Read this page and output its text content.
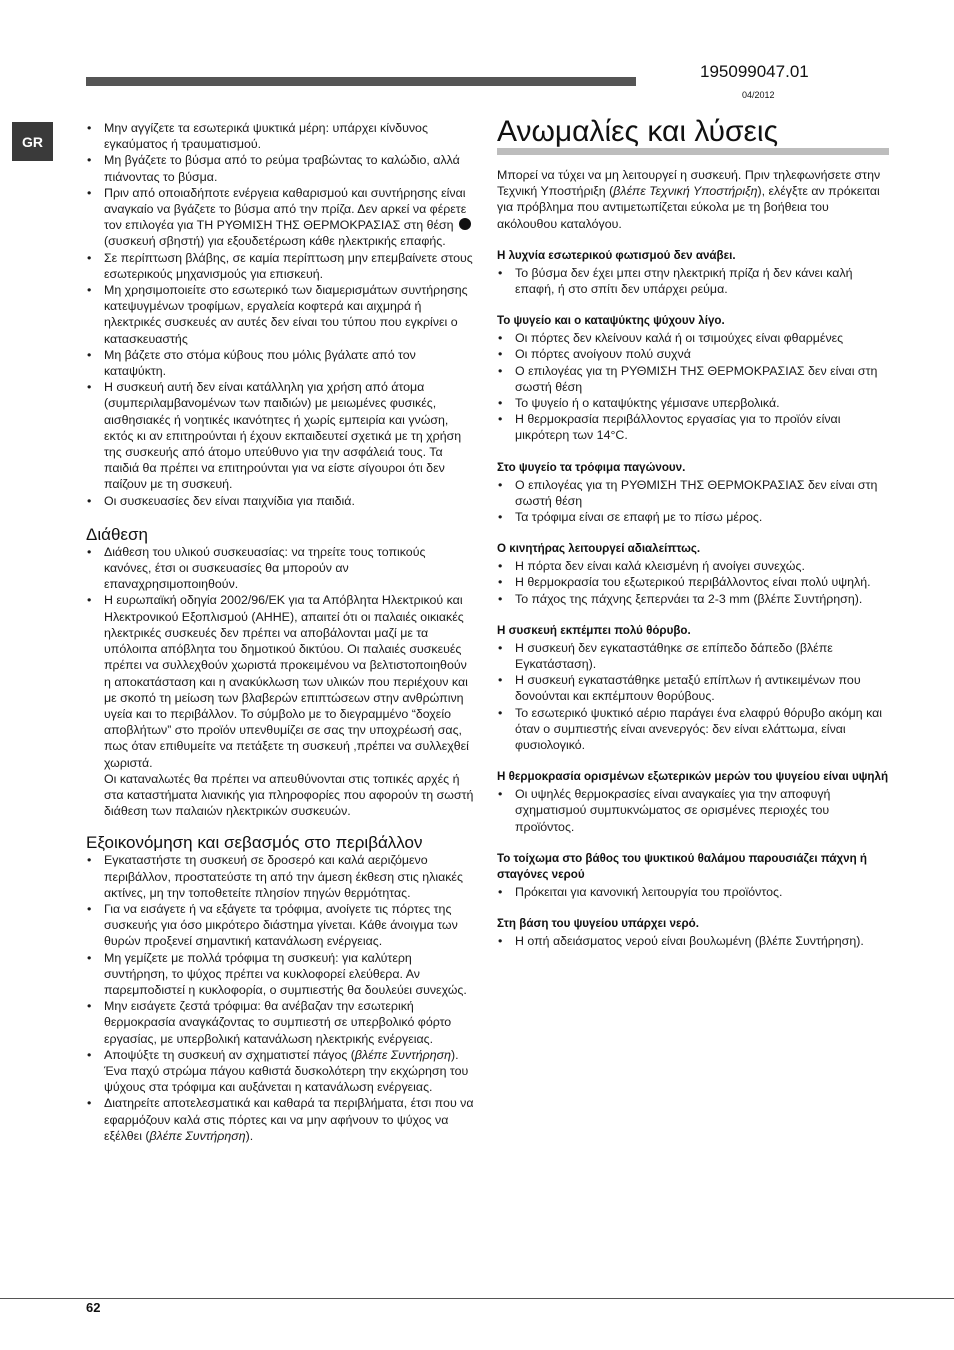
195099047.01
04/2012
GR
• Μην αγγίζετε τα εσωτερικά ψυκτικά μέρη: υπάρχει κίνδυνος εγκαύματος ή τραυματισμού.
• Μη βγάζετε το βύσμα από το ρεύμα τραβώντας το καλώδιο, αλλά πιάνοντας το βύσμα.
• Πριν από οποιαδήποτε ενέργεια καθαρισμού και συντήρησης είναι αναγκαίο να βγάζετε το βύσμα από την πρίζα. Δεν αρκεί να φέρετε τον επιλογέα για ΤΗ ΡΥΘΜΙΣΗ ΤΗΣ ΘΕΡΜΟΚΡΑΣΙΑΣ στη θέση  (συσκευή σβηστή) για εξουδετέρωση κάθε ηλεκτρικής επαφής.
• Σε περίπτωση βλάβης, σε καμία περίπτωση μην επεμβαίνετε στους εσωτερικούς μηχανισμούς για επισκευή.
• Μη χρησιμοποιείτε στο εσωτερικό των διαμερισμάτων συντήρησης κατεψυγμένων τροφίμων, εργαλεία κοφτερά και αιχμηρά ή ηλεκτρικές συσκευές αν αυτές δεν είναι του τύπου που εγκρίνει ο κατασκευαστής
• Μη βάζετε στο στόμα κύβους που μόλις βγάλατε από τον καταψύκτη.
• Η συσκευή αυτή δεν είναι κατάλληλη για χρήση από άτομα (συμπεριλαμβανομένων των παιδιών) με μειωμένες φυσικές, αισθησιακές ή νοητικές ικανότητες ή χωρίς εμπειρία και γνώση, εκτός κι αν επιτηρούνται ή έχουν εκπαιδευτεί σχετικά με τη χρήση της συσκευής από άτομο υπεύθυνο για την ασφάλειά τους. Τα παιδιά θα πρέπει να επιτηρούνται για να είστε σίγουροι ότι δεν παίζουν με τη συσκευή.
• Οι συσκευασίες δεν είναι παιχνίδια για παιδιά.
Διάθεση
• Διάθεση του υλικού συσκευασίας: να τηρείτε τους τοπικούς κανόνες, έτσι οι συσκευασίες θα μπορούν αν επαναχρησιμοποιηθούν.
• Η ευρωπαϊκή οδηγία 2002/96/ΕΚ για τα Απόβλητα Ηλεκτρικού και Ηλεκτρονικού Εξοπλισμού (ΑΗΗΕ), απαιτεί ότι οι παλαιές οικιακές ηλεκτρικές συσκευές δεν πρέπει να αποβάλονται μαζί με τα υπόλοιπα απόβλητα του δημοτικού δικτύου. Οι παλαιές συσκευές πρέπει να συλλεχθούν χωριστά προκειμένου να βελτιστοποιηθούν η αποκατάσταση και η ανακύκλωση των υλικών που περιέχουν και με σκοπό τη μείωση των βλαβερών επιπτώσεων στην ανθρώπινη υγεία και το περιβάλλον. Το σύμβολο με το διεγραμμένο “δοχείο αποβλήτων” στο προϊόν υπενθυμίζει σε σας την υποχρέωσή σας, πως όταν επιθυμείτε να πετάξετε τη συσκευή ,πρέπει να συλλεχθεί χωριστά.

Οι καταναλωτές θα πρέπει να απευθύνονται στις τοπικές αρχές ή στα καταστήματα λιανικής για πληροφορίες που αφορούν τη σωστή διάθεση των παλαιών ηλεκτρικών συσκευών.

Εξοικονόμηση και σεβασμός στο περιβάλλον
• Εγκαταστήστε τη συσκευή σε δροσερό και καλά αεριζόμενο περιβάλλον, προστατεύστε τη από την άμεση έκθεση στις ηλιακές ακτίνες, μη την τοποθετείτε πλησίον πηγών θερμότητας.
• Για να εισάγετε ή να εξάγετε τα τρόφιμα, ανοίγετε τις πόρτες της συσκευής για όσο μικρότερο διάστημα γίνεται. Κάθε άνοιγμα των θυρών προξενεί σημαντική κατανάλωση ενέργειας.
• Μη γεμίζετε με πολλά τρόφιμα τη συσκευή: για καλύτερη συντήρηση, το ψύχος πρέπει να κυκλοφορεί ελεύθερα. Αν παρεμποδιστεί η κυκλοφορία, ο συμπιεστής θα δουλεύει συνεχώς.
• Μην εισάγετε ζεστά τρόφιμα: θα ανέβαζαν την εσωτερική θερμοκρασία αναγκάζοντας το συμπιεστή σε υπερβολικό φόρτο εργασίας, με υπερβολική κατανάλωση ηλεκτρικής ενέργειας.
• Αποψύξτε τη συσκευή αν σχηματιστεί πάγος (βλέπε Συντήρηση). Ένα παχύ στρώμα πάγου καθιστά δυσκολότερη την εκχώρηση του ψύχους στα τρόφιμα και αυξάνεται η κατανάλωση ενέργειας.
• Διατηρείτε αποτελεσματικά και καθαρά τα περιβλήματα, έτσι που να εφαρμόζουν καλά στις πόρτες και να μην αφήνουν το ψύχος να εξέλθει (βλέπε Συντήρηση).
Ανωμαλίες και λύσεις

Μπορεί να τύχει να μη λειτουργεί η συσκευή. Πριν τηλεφωνήσετε στην Τεχνική Υποστήριξη (βλέπε Τεχνική Υποστήριξη), ελέγξτε αν πρόκειται για πρόβλημα που αντιμετωπίζεται εύκολα με τη βοήθεια του ακόλουθου καταλόγου.

Η λυχνία εσωτερικού φωτισμού δεν ανάβει.
• Το βύσμα δεν έχει μπει στην ηλεκτρική πρίζα ή δεν κάνει καλή επαφή, ή στο σπίτι δεν υπάρχει ρεύμα.
Το ψυγείο και ο καταψύκτης ψύχουν λίγο.
• Οι πόρτες δεν κλείνουν καλά ή οι τσιμούχες είναι φθαρμένες
• Οι πόρτες ανοίγουν πολύ συχνά
• Ο επιλογέας για τη ΡΥΘΜΙΣΗ ΤΗΣ ΘΕΡΜΟΚΡΑΣΙΑΣ δεν είναι στη σωστή θέση
• Το ψυγείο ή ο καταψύκτης γέμισανε υπερβολικά.
• Η θερμοκρασία περιβάλλοντος εργασίας για το προϊόν είναι μικρότερη των 14°C.
Στο ψυγείο τα τρόφιμα παγώνουν.
• Ο επιλογέας για τη ΡΥΘΜΙΣΗ ΤΗΣ ΘΕΡΜΟΚΡΑΣΙΑΣ δεν είναι στη σωστή θέση
• Τα τρόφιμα είναι σε επαφή με το πίσω μέρος.
Ο κινητήρας λειτουργεί αδιαλείπτως.
• Η πόρτα δεν είναι καλά κλεισμένη ή ανοίγει συνεχώς.
• Η θερμοκρασία του εξωτερικού περιβάλλοντος είναι πολύ υψηλή.
• Το πάχος της πάχνης ξεπερνάει τα 2-3 mm (βλέπε Συντήρηση).
Η συσκευή εκπέμπει πολύ θόρυβο.
• Η συσκευή δεν εγκαταστάθηκε σε επίπεδο δάπεδο (βλέπε Εγκατάσταση).
• Η συσκευή εγκαταστάθηκε μεταξύ επίπλων ή αντικειμένων που δονούνται και εκπέμπουν θορύβους.
• Το εσωτερικό ψυκτικό αέριο παράγει ένα ελαφρύ θόρυβο ακόμη και όταν ο συμπιεστής είναι ανενεργός: δεν είναι ελάττωμα, είναι φυσιολογικό.
Η θερμοκρασία ορισμένων εξωτερικών μερών του ψυγείου είναι υψηλή
• Οι υψηλές θερμοκρασίες είναι αναγκαίες για την αποφυγή σχηματισμού συμπυκνώματος σε ορισμένες περιοχές του προϊόντος.
Το τοίχωμα στο βάθος του ψυκτικού θαλάμου παρουσιάζει πάχνη ή σταγόνες νερού
• Πρόκειται για κανονική λειτουργία του προϊόντος.
Στη βάση του ψυγείου υπάρχει νερό.
• Η οπή αδειάσματος νερού είναι βουλωμένη (βλέπε Συντήρηση).
62
